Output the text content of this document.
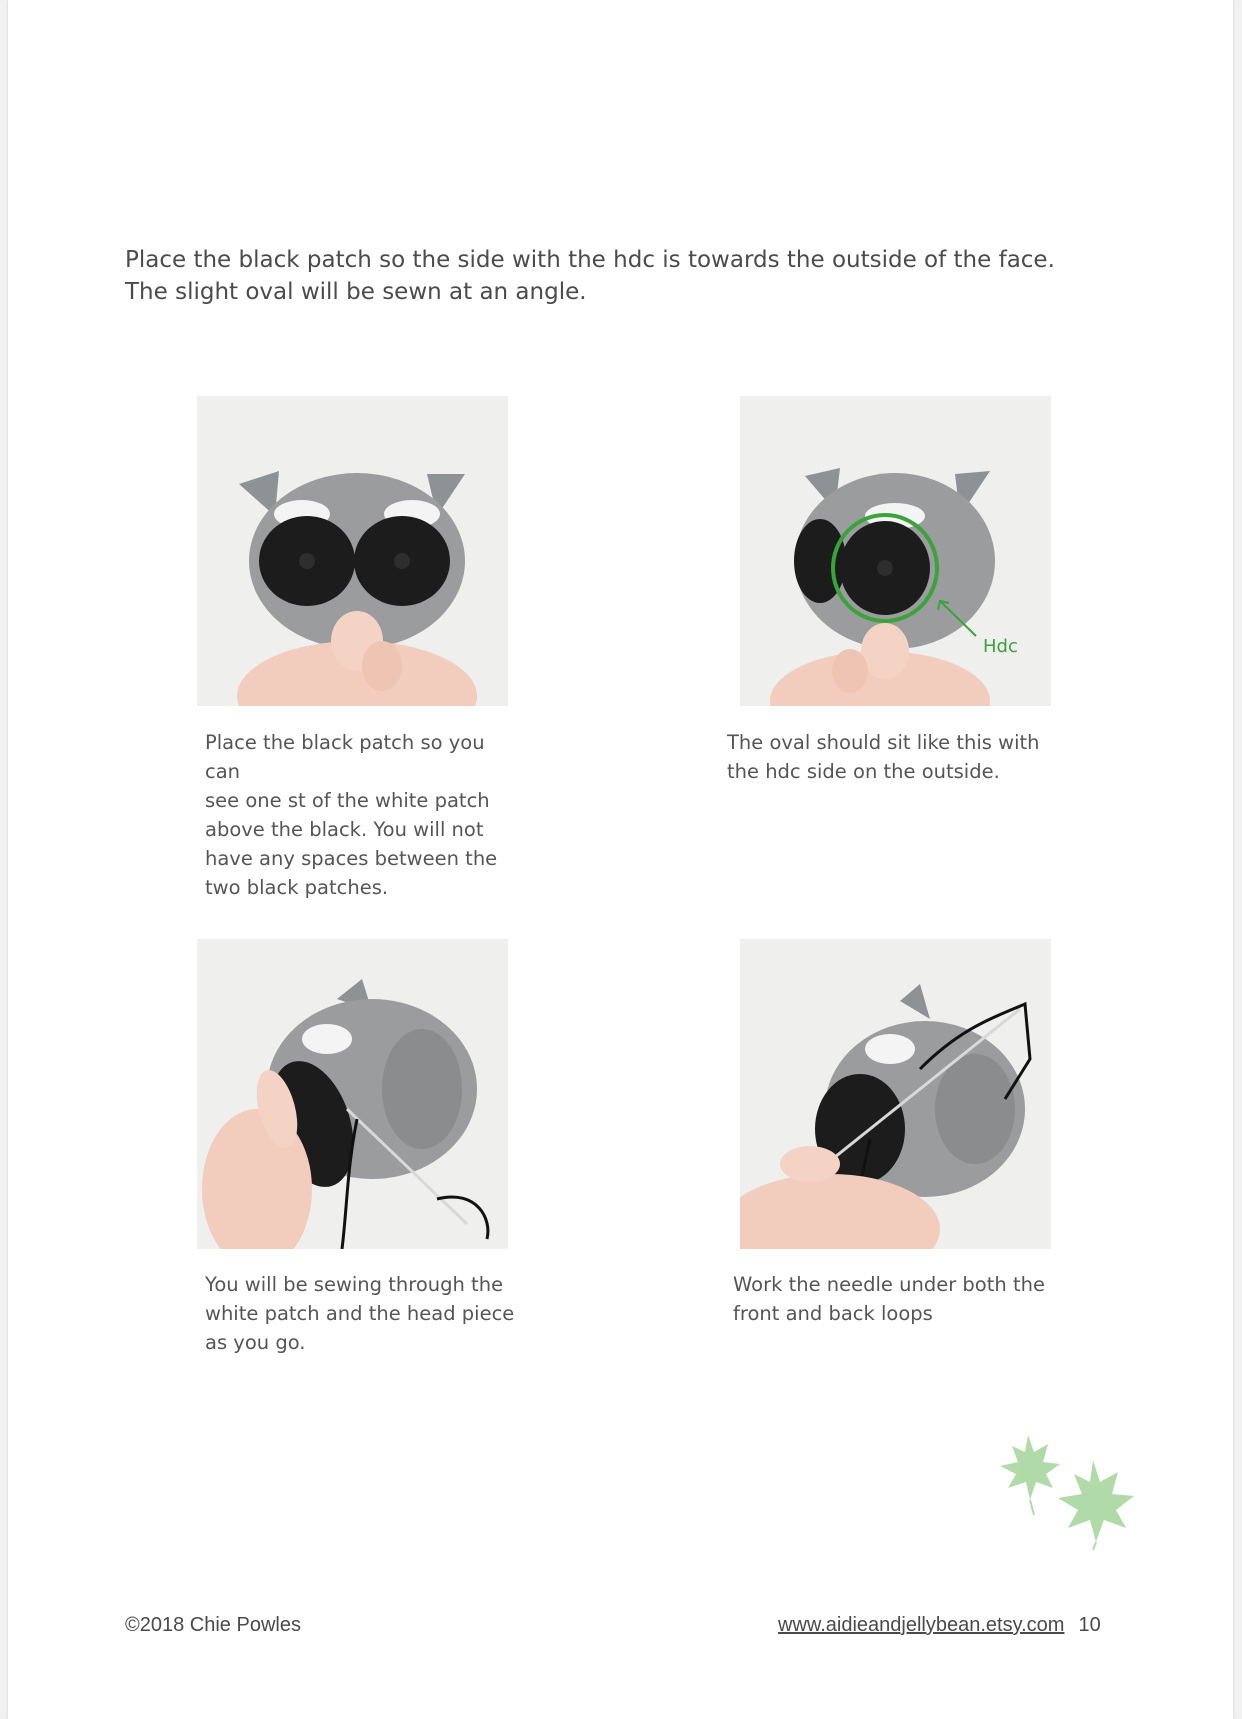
Place the black patch so the side with the hdc is towards the outside of the face.

The slight oval will be sewn at an angle.

Hdc
Place the black patch so you can
see one st of the white patch
above the black. You will not
have any spaces between the
two black patches.
The oval should sit like this with
the hdc side on the outside.
You will be sewing through the
white patch and the head piece
as you go.
Work the needle under both the
front and back loops
©2018 Chie Powles	www.aidieandjellybean.etsy.com 10
